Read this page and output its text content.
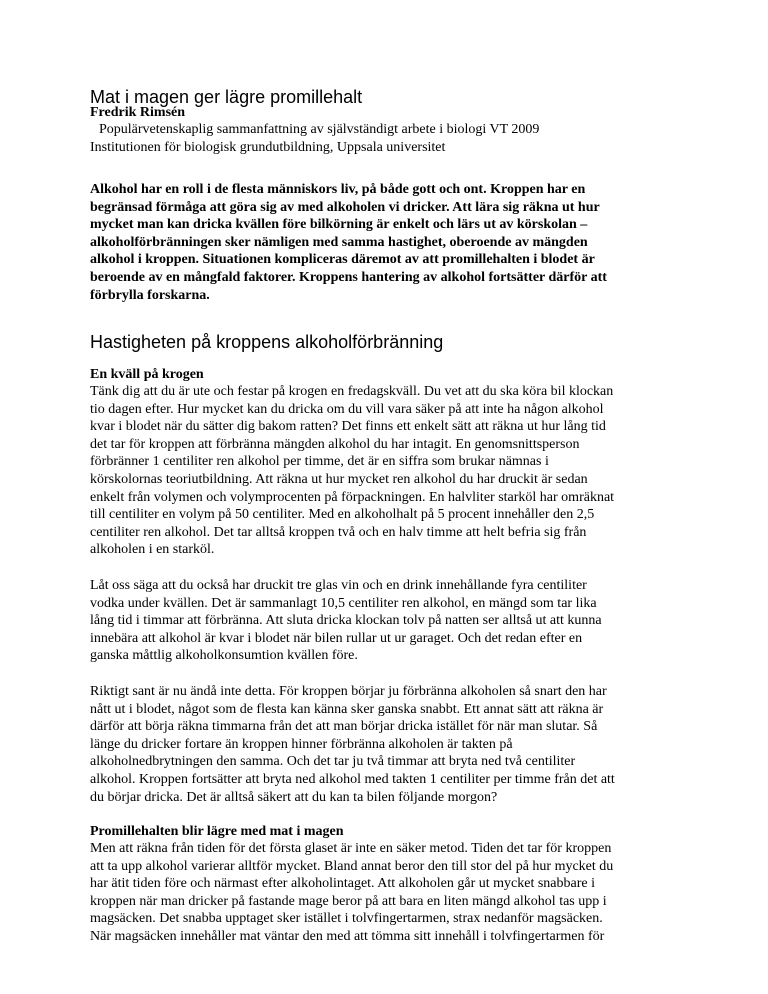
Mat i magen ger lägre promillehalt
Fredrik Rimsén
Populärvetenskaplig sammanfattning av självständigt arbete i biologi VT 2009
Institutionen för biologisk grundutbildning, Uppsala universitet
Alkohol har en roll i de flesta människors liv, på både gott och ont. Kroppen har en
begränsad förmåga att göra sig av med alkoholen vi dricker. Att lära sig räkna ut hur
mycket man kan dricka kvällen före bilkörning är enkelt och lärs ut av körskolan –
alkoholförbränningen sker nämligen med samma hastighet, oberoende av mängden
alkohol i kroppen. Situationen kompliceras däremot av att promillehalten i blodet är
beroende av en mångfald faktorer. Kroppens hantering av alkohol fortsätter därför att
förbrylla forskarna.
Hastigheten på kroppens alkoholförbränning
En kväll på krogen
Tänk dig att du är ute och festar på krogen en fredagskväll. Du vet att du ska köra bil klockan
tio dagen efter. Hur mycket kan du dricka om du vill vara säker på att inte ha någon alkohol
kvar i blodet när du sätter dig bakom ratten? Det finns ett enkelt sätt att räkna ut hur lång tid
det tar för kroppen att förbränna mängden alkohol du har intagit. En genomsnittsperson
förbränner 1 centiliter ren alkohol per timme, det är en siffra som brukar nämnas i
körskolornas teoriutbildning. Att räkna ut hur mycket ren alkohol du har druckit är sedan
enkelt från volymen och volymprocenten på förpackningen. En halvliter starköl har omräknat
till centiliter en volym på 50 centiliter. Med en alkoholhalt på 5 procent innehåller den 2,5
centiliter ren alkohol. Det tar alltså kroppen två och en halv timme att helt befria sig från
alkoholen i en starköl.
Låt oss säga att du också har druckit tre glas vin och en drink innehållande fyra centiliter
vodka under kvällen. Det är sammanlagt 10,5 centiliter ren alkohol, en mängd som tar lika
lång tid i timmar att förbränna. Att sluta dricka klockan tolv på natten ser alltså ut att kunna
innebära att alkohol är kvar i blodet när bilen rullar ut ur garaget. Och det redan efter en
ganska måttlig alkoholkonsumtion kvällen före.
Riktigt sant är nu ändå inte detta. För kroppen börjar ju förbränna alkoholen så snart den har
nått ut i blodet, något som de flesta kan känna sker ganska snabbt. Ett annat sätt att räkna är
därför att börja räkna timmarna från det att man börjar dricka istället för när man slutar. Så
länge du dricker fortare än kroppen hinner förbränna alkoholen är takten på
alkoholnedbrytningen den samma. Och det tar ju två timmar att bryta ned två centiliter
alkohol. Kroppen fortsätter att bryta ned alkohol med takten 1 centiliter per timme från det att
du börjar dricka. Det är alltså säkert att du kan ta bilen följande morgon?
Promillehalten blir lägre med mat i magen
Men att räkna från tiden för det första glaset är inte en säker metod. Tiden det tar för kroppen
att ta upp alkohol varierar alltför mycket. Bland annat beror den till stor del på hur mycket du
har ätit tiden före och närmast efter alkoholintaget. Att alkoholen går ut mycket snabbare i
kroppen när man dricker på fastande mage beror på att bara en liten mängd alkohol tas upp i
magsäcken. Det snabba upptaget sker istället i tolvfingertarmen, strax nedanför magsäcken.
När magsäcken innehåller mat väntar den med att tömma sitt innehåll i tolvfingertarmen för
